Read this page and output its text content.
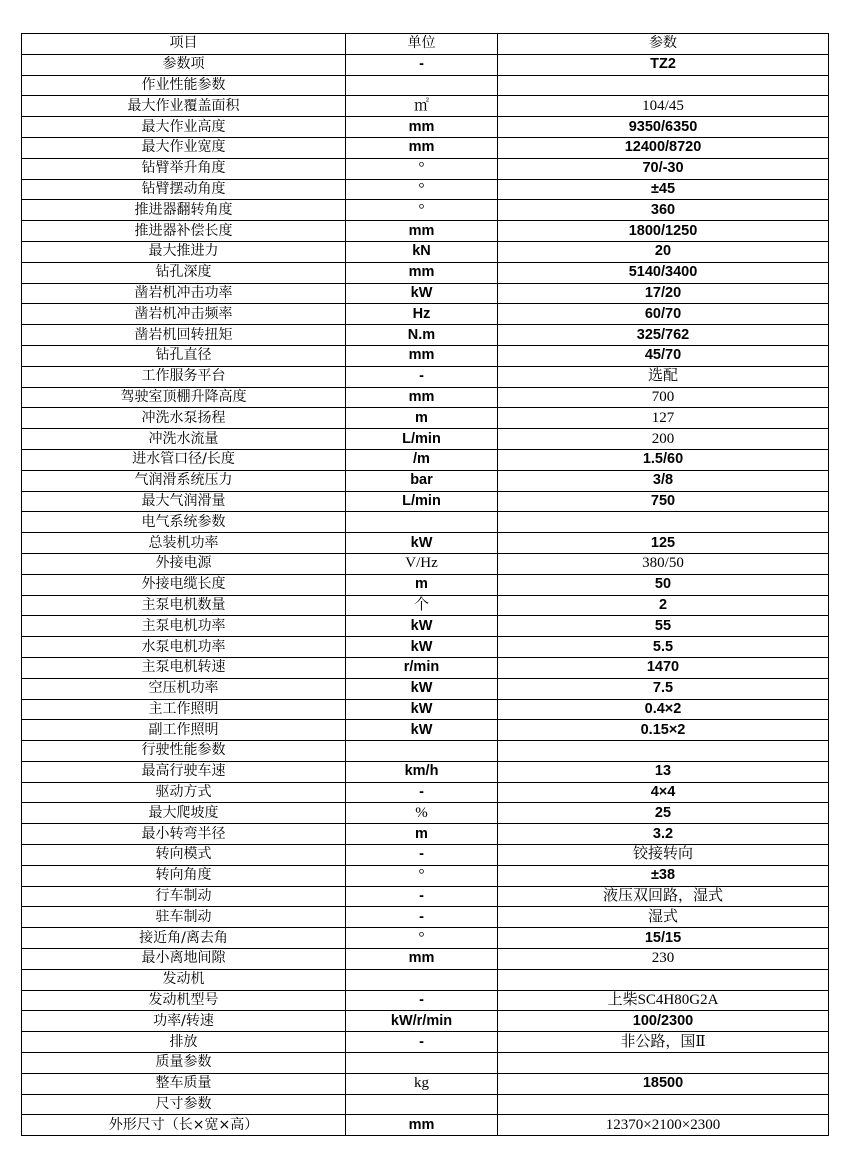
项目	单位	参数
参数项	-	TZ2
作业性能参数		
最大作业覆盖面积	㎡	104/45
最大作业高度	mm	9350/6350
最大作业宽度	mm	12400/8720
钻臂举升角度	°	70/-30
钻臂摆动角度	°	±45
推进器翻转角度	°	360
推进器补偿长度	mm	1800/1250
最大推进力	kN	20
钻孔深度	mm	5140/3400
凿岩机冲击功率	kW	17/20
凿岩机冲击频率	Hz	60/70
凿岩机回转扭矩	N.m	325/762
钻孔直径	mm	45/70
工作服务平台	-	选配
驾驶室顶棚升降高度	mm	700
冲洗水泵扬程	m	127
冲洗水流量	L/min	200
进水管口径/长度	/m	1.5/60
气润滑系统压力	bar	3/8
最大气润滑量	L/min	750
电气系统参数		
总装机功率	kW	125
外接电源	V/Hz	380/50
外接电缆长度	m	50
主泵电机数量	个	2
主泵电机功率	kW	55
水泵电机功率	kW	5.5
主泵电机转速	r/min	1470
空压机功率	kW	7.5
主工作照明	kW	0.4×2
副工作照明	kW	0.15×2
行驶性能参数		
最高行驶车速	km/h	13
驱动方式	-	4×4
最大爬坡度	%	25
最小转弯半径	m	3.2
转向模式	-	铰接转向
转向角度	°	±38
行车制动	-	液压双回路，湿式
驻车制动	-	湿式
接近角/离去角	°	15/15
最小离地间隙	mm	230
发动机		
发动机型号	-	上柴SC4H80G2A
功率/转速	kW/r/min	100/2300
排放	-	非公路，国Ⅱ
质量参数		
整车质量	kg	18500
尺寸参数		
外形尺寸（长×宽×高）	mm	12370×2100×2300
